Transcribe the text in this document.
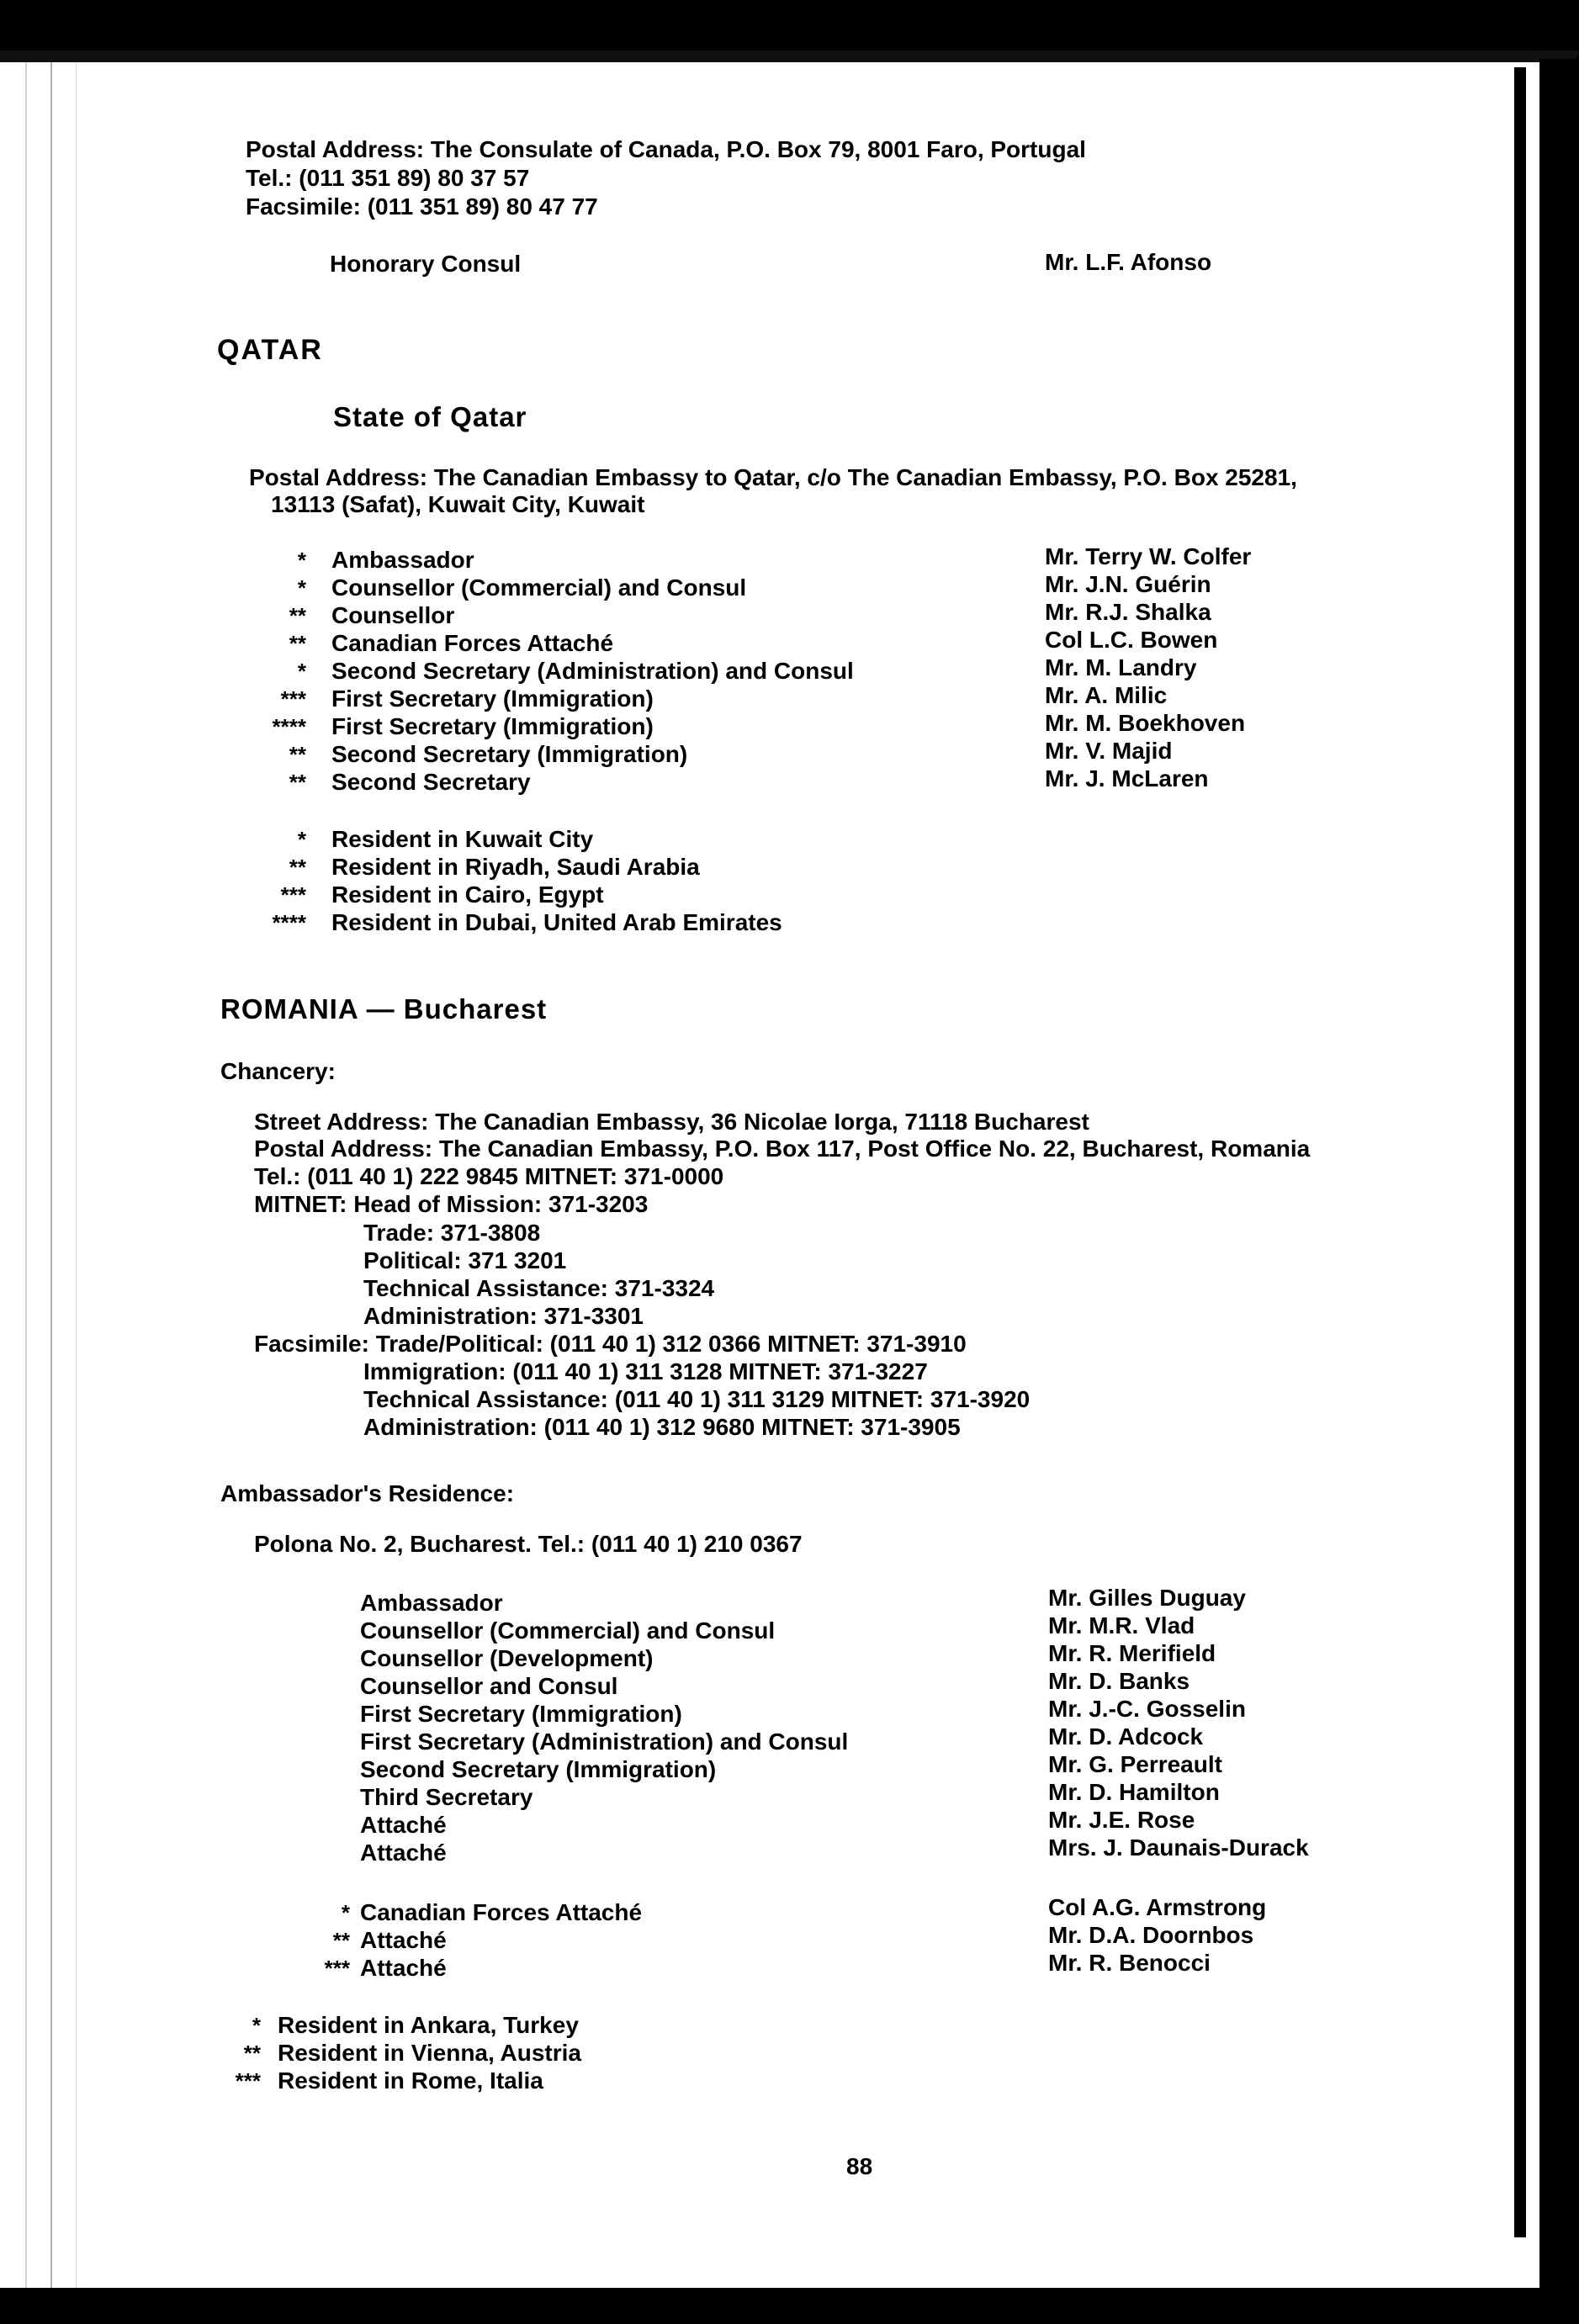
Postal Address: The Consulate of Canada, P.O. Box 79, 8001 Faro, Portugal
Tel.: (011 351 89) 80 37 57
Facsimile: (011 351 89) 80 47 77
Honorary Consul	Mr. L.F. Afonso
QATAR
State of Qatar
Postal Address: The Canadian Embassy to Qatar, c/o The Canadian Embassy, P.O. Box 25281,
13113 (Safat), Kuwait City, Kuwait
* Ambassador	Mr. Terry W. Colfer
* Counsellor (Commercial) and Consul	Mr. J.N. Guérin
** Counsellor	Mr. R.J. Shalka
** Canadian Forces Attaché	Col L.C. Bowen
* Second Secretary (Administration) and Consul	Mr. M. Landry
*** First Secretary (Immigration)	Mr. A. Milic
**** First Secretary (Immigration)	Mr. M. Boekhoven
** Second Secretary (Immigration)	Mr. V. Majid
** Second Secretary	Mr. J. McLaren
* Resident in Kuwait City
** Resident in Riyadh, Saudi Arabia
*** Resident in Cairo, Egypt
**** Resident in Dubai, United Arab Emirates
ROMANIA — Bucharest
Chancery:
Street Address: The Canadian Embassy, 36 Nicolae Iorga, 71118 Bucharest
Postal Address: The Canadian Embassy, P.O. Box 117, Post Office No. 22, Bucharest, Romania
Tel.: (011 40 1) 222 9845 MITNET: 371-0000
MITNET: Head of Mission: 371-3203
Trade: 371-3808
Political: 371 3201
Technical Assistance: 371-3324
Administration: 371-3301
Facsimile: Trade/Political: (011 40 1) 312 0366 MITNET: 371-3910
Immigration: (011 40 1) 311 3128 MITNET: 371-3227
Technical Assistance: (011 40 1) 311 3129 MITNET: 371-3920
Administration: (011 40 1) 312 9680 MITNET: 371-3905
Ambassador's Residence:
Polona No. 2, Bucharest. Tel.: (011 40 1) 210 0367
Ambassador	Mr. Gilles Duguay
Counsellor (Commercial) and Consul	Mr. M.R. Vlad
Counsellor (Development)	Mr. R. Merifield
Counsellor and Consul	Mr. D. Banks
First Secretary (Immigration)	Mr. J.-C. Gosselin
First Secretary (Administration) and Consul	Mr. D. Adcock
Second Secretary (Immigration)	Mr. G. Perreault
Third Secretary	Mr. D. Hamilton
Attaché	Mr. J.E. Rose
Attaché	Mrs. J. Daunais-Durack
* Canadian Forces Attaché	Col A.G. Armstrong
** Attaché	Mr. D.A. Doornbos
*** Attaché	Mr. R. Benocci
* Resident in Ankara, Turkey
** Resident in Vienna, Austria
*** Resident in Rome, Italia
88
